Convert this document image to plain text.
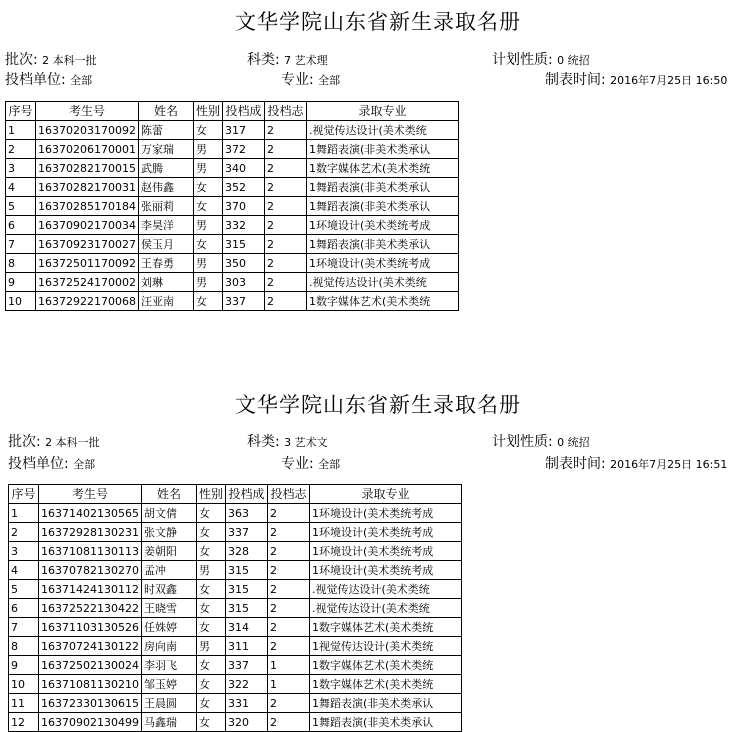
文华学院山东省新生录取名册
批次: 2 本科一批	科类: 7 艺术理	计划性质: 0 统招
投档单位: 全部	专业: 全部	制表时间: 2016年7月25日 16:50
序号	考生号	姓名	性别	投档成	投档志	录取专业
1	16370203170092	陈蕾	女	317	2	.视觉传达设计(美术类统
2	16370206170001	万家瑞	男	372	2	1舞蹈表演(非美术类承认
3	16370282170015	武腾	男	340	2	1数字媒体艺术(美术类统
4	16370282170031	赵伟鑫	女	352	2	1舞蹈表演(非美术类承认
5	16370285170184	张丽莉	女	370	2	1舞蹈表演(非美术类承认
6	16370902170034	李昊洋	男	332	2	1环境设计(美术类统考成
7	16370923170027	侯玉月	女	315	2	1舞蹈表演(非美术类承认
8	16372501170092	王春勇	男	350	2	1环境设计(美术类统考成
9	16372524170002	刘琳	男	303	2	.视觉传达设计(美术类统
10	16372922170068	汪亚南	女	337	2	1数字媒体艺术(美术类统
文华学院山东省新生录取名册
批次: 2 本科一批	科类: 3 艺术文	计划性质: 0 统招
投档单位: 全部	专业: 全部	制表时间: 2016年7月25日 16:51
序号	考生号	姓名	性别	投档成	投档志	录取专业
1	16371402130565	胡文倩	女	363	2	1环境设计(美术类统考成
2	16372928130231	张文静	女	337	2	1环境设计(美术类统考成
3	16371081130113	姜朝阳	女	328	2	1环境设计(美术类统考成
4	16370782130270	孟冲	男	315	2	1环境设计(美术类统考成
5	16371424130112	时双鑫	女	315	2	.视觉传达设计(美术类统
6	16372522130422	王晓雪	女	315	2	.视觉传达设计(美术类统
7	16371103130526	任姝婷	女	314	2	1数字媒体艺术(美术类统
8	16370724130122	房向南	男	311	2	1视觉传达设计(美术类统
9	16372502130024	李羽飞	女	337	1	1数字媒体艺术(美术类统
10	16371081130210	邹玉婷	女	322	1	1数字媒体艺术(美术类统
11	16372330130615	王晨圆	女	331	2	1舞蹈表演(非美术类承认
12	16370902130499	马鑫瑞	女	320	2	1舞蹈表演(非美术类承认
